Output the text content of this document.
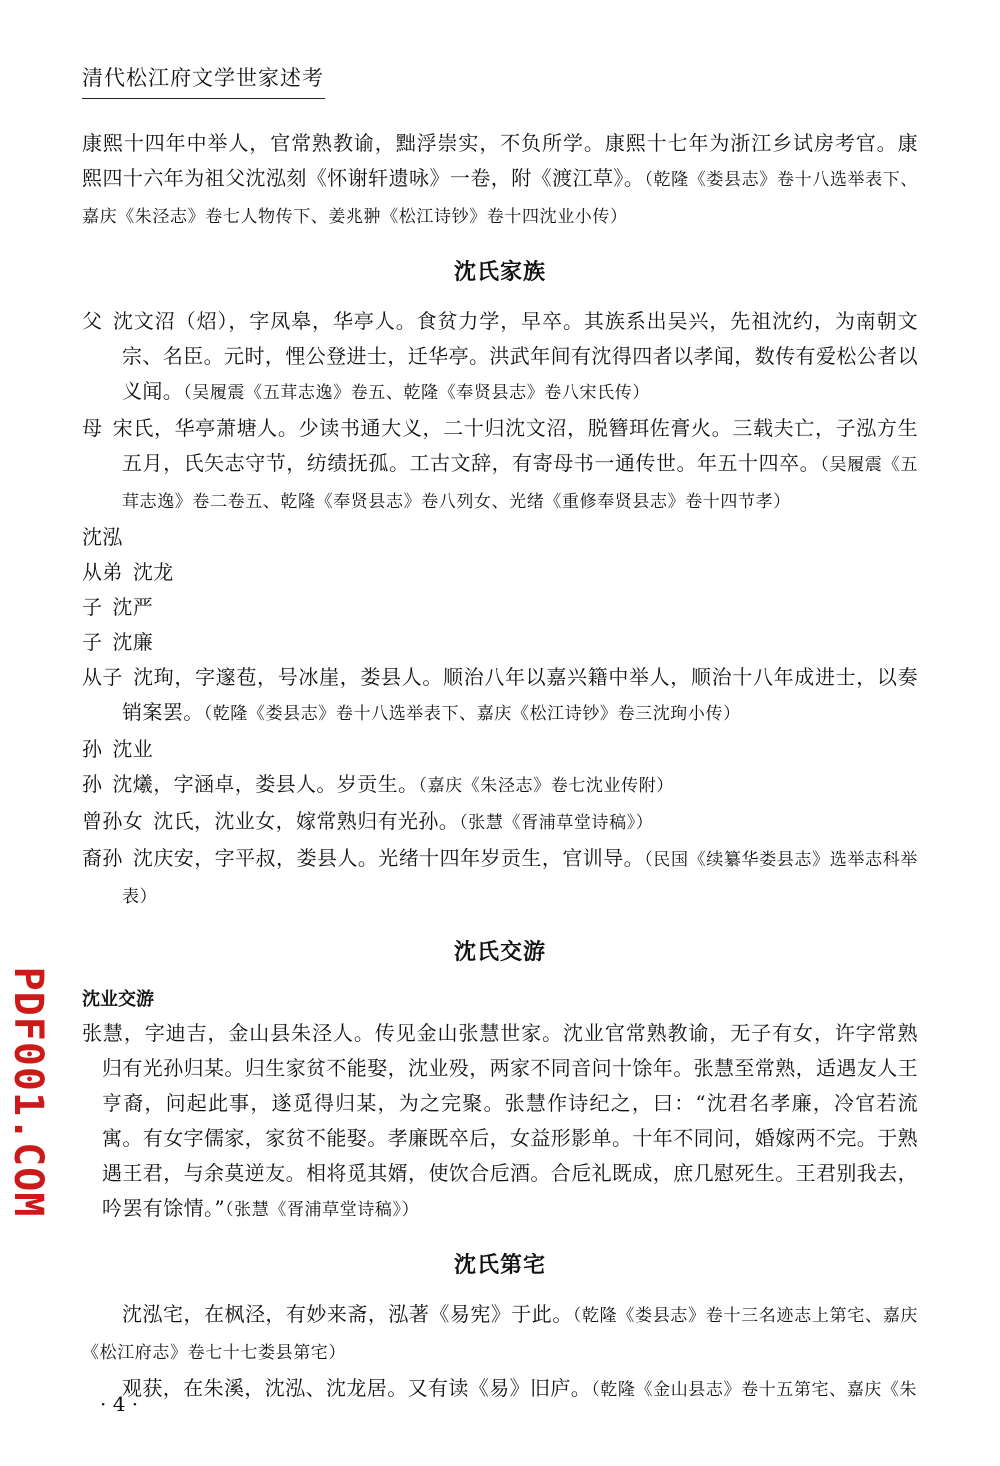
清代松江府文学世家述考

康熙十四年中举人，官常熟教谕，黜浮崇实，不负所学。康熙十七年为浙江乡试房考官。康熙四十六年为祖父沈泓刻《怀谢轩遗咏》一卷，附《渡江草》。（乾隆《娄县志》卷十八选举表下、嘉庆《朱泾志》卷七人物传下、姜兆翀《松江诗钞》卷十四沈业小传）

沈氏家族

父 沈文沼（炤），字凤皋，华亭人。食贫力学，早卒。其族系出吴兴，先祖沈约，为南朝文宗、名臣。元时，悝公登进士，迁华亭。洪武年间有沈得四者以孝闻，数传有爱松公者以义闻。（吴履震《五茸志逸》卷五、乾隆《奉贤县志》卷八宋氏传）

母 宋氏，华亭萧塘人。少读书通大义，二十归沈文沼，脱簪珥佐膏火。三载夫亡，子泓方生五月，氏矢志守节，纺绩抚孤。工古文辞，有寄母书一通传世。年五十四卒。（吴履震《五茸志逸》卷二卷五、乾隆《奉贤县志》卷八列女、光绪《重修奉贤县志》卷十四节孝）

沈泓

从弟 沈龙

子 沈严

子 沈廉

从子 沈珣，字邃苞，号冰崖，娄县人。顺治八年以嘉兴籍中举人，顺治十八年成进士，以奏销案罢。（乾隆《娄县志》卷十八选举表下、嘉庆《松江诗钞》卷三沈珣小传）

孙 沈业

孙 沈爔，字涵卓，娄县人。岁贡生。（嘉庆《朱泾志》卷七沈业传附）

曾孙女 沈氏，沈业女，嫁常熟归有光孙。（张慧《胥浦草堂诗稿》）

裔孙 沈庆安，字平叔，娄县人。光绪十四年岁贡生，官训导。（民国《续纂华娄县志》选举志科举表）

沈氏交游
沈业交游

张慧，字迪吉，金山县朱泾人。传见金山张慧世家。沈业官常熟教谕，无子有女，许字常熟归有光孙归某。归生家贫不能娶，沈业殁，两家不同音问十馀年。张慧至常熟，适遇友人王亨裔，问起此事，遂觅得归某，为之完聚。张慧作诗纪之，曰：“沈君名孝廉，冷官若流寓。有女字儒家，家贫不能娶。孝廉既卒后，女益形影单。十年不同问，婚嫁两不完。于熟遇王君，与余莫逆友。相将觅其婿，使饮合卮酒。合卮礼既成，庶几慰死生。王君别我去，吟罢有馀情。”（张慧《胥浦草堂诗稿》）

沈氏第宅

沈泓宅，在枫泾，有妙来斋，泓著《易宪》于此。（乾隆《娄县志》卷十三名迹志上第宅、嘉庆《松江府志》卷七十七娄县第宅）

观获，在朱溪，沈泓、沈龙居。又有读《易》旧庐。（乾隆《金山县志》卷十五第宅、嘉庆《朱

PDF001.COM
· 4 ·
